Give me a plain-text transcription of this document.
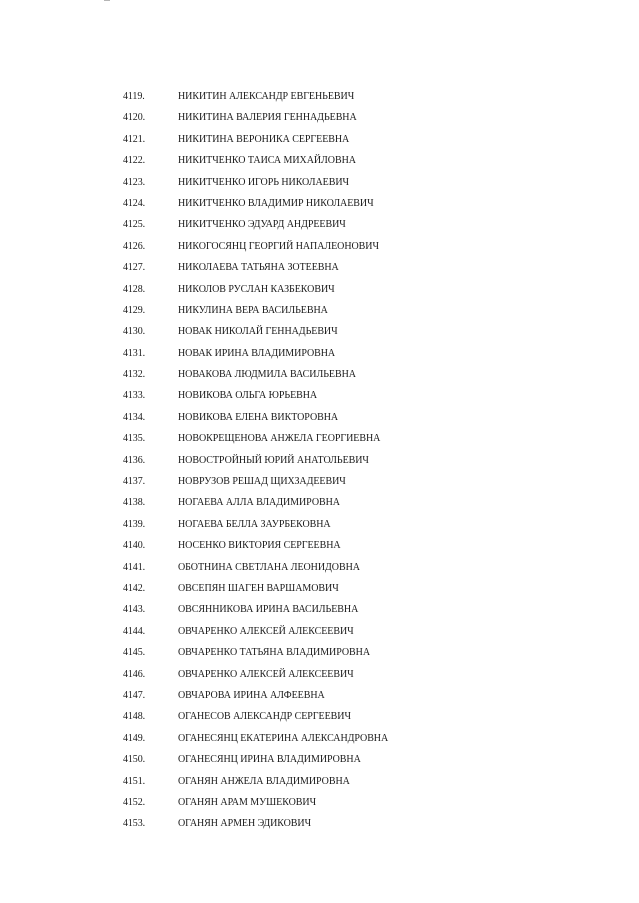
4119.	НИКИТИН АЛЕКСАНДР ЕВГЕНЬЕВИЧ
4120.	НИКИТИНА ВАЛЕРИЯ ГЕННАДЬЕВНА
4121.	НИКИТИНА ВЕРОНИКА СЕРГЕЕВНА
4122.	НИКИТЧЕНКО ТАИСА МИХАЙЛОВНА
4123.	НИКИТЧЕНКО ИГОРЬ НИКОЛАЕВИЧ
4124.	НИКИТЧЕНКО ВЛАДИМИР НИКОЛАЕВИЧ
4125.	НИКИТЧЕНКО ЭДУАРД АНДРЕЕВИЧ
4126.	НИКОГОСЯНЦ ГЕОРГИЙ НАПАЛЕОНОВИЧ
4127.	НИКОЛАЕВА ТАТЬЯНА ЗОТЕЕВНА
4128.	НИКОЛОВ РУСЛАН КАЗБЕКОВИЧ
4129.	НИКУЛИНА ВЕРА ВАСИЛЬЕВНА
4130.	НОВАК НИКОЛАЙ ГЕННАДЬЕВИЧ
4131.	НОВАК ИРИНА ВЛАДИМИРОВНА
4132.	НОВАКОВА ЛЮДМИЛА ВАСИЛЬЕВНА
4133.	НОВИКОВА ОЛЬГА ЮРЬЕВНА
4134.	НОВИКОВА ЕЛЕНА ВИКТОРОВНА
4135.	НОВОКРЕЩЕНОВА АНЖЕЛА ГЕОРГИЕВНА
4136.	НОВОСТРОЙНЫЙ ЮРИЙ АНАТОЛЬЕВИЧ
4137.	НОВРУЗОВ РЕШАД ЩИХЗАДЕЕВИЧ
4138.	НОГАЕВА АЛЛА ВЛАДИМИРОВНА
4139.	НОГАЕВА БЕЛЛА ЗАУРБЕКОВНА
4140.	НОСЕНКО ВИКТОРИЯ СЕРГЕЕВНА
4141.	ОБОТНИНА СВЕТЛАНА ЛЕОНИДОВНА
4142.	ОВСЕПЯН ШАГЕН ВАРШАМОВИЧ
4143.	ОВСЯННИКОВА ИРИНА ВАСИЛЬЕВНА
4144.	ОВЧАРЕНКО АЛЕКСЕЙ АЛЕКСЕЕВИЧ
4145.	ОВЧАРЕНКО ТАТЬЯНА ВЛАДИМИРОВНА
4146.	ОВЧАРЕНКО АЛЕКСЕЙ АЛЕКСЕЕВИЧ
4147.	ОВЧАРОВА ИРИНА АЛФЕЕВНА
4148.	ОГАНЕСОВ АЛЕКСАНДР СЕРГЕЕВИЧ
4149.	ОГАНЕСЯНЦ ЕКАТЕРИНА АЛЕКСАНДРОВНА
4150.	ОГАНЕСЯНЦ ИРИНА ВЛАДИМИРОВНА
4151.	ОГАНЯН АНЖЕЛА ВЛАДИМИРОВНА
4152.	ОГАНЯН АРАМ МУШЕКОВИЧ
4153.	ОГАНЯН АРМЕН ЭДИКОВИЧ
